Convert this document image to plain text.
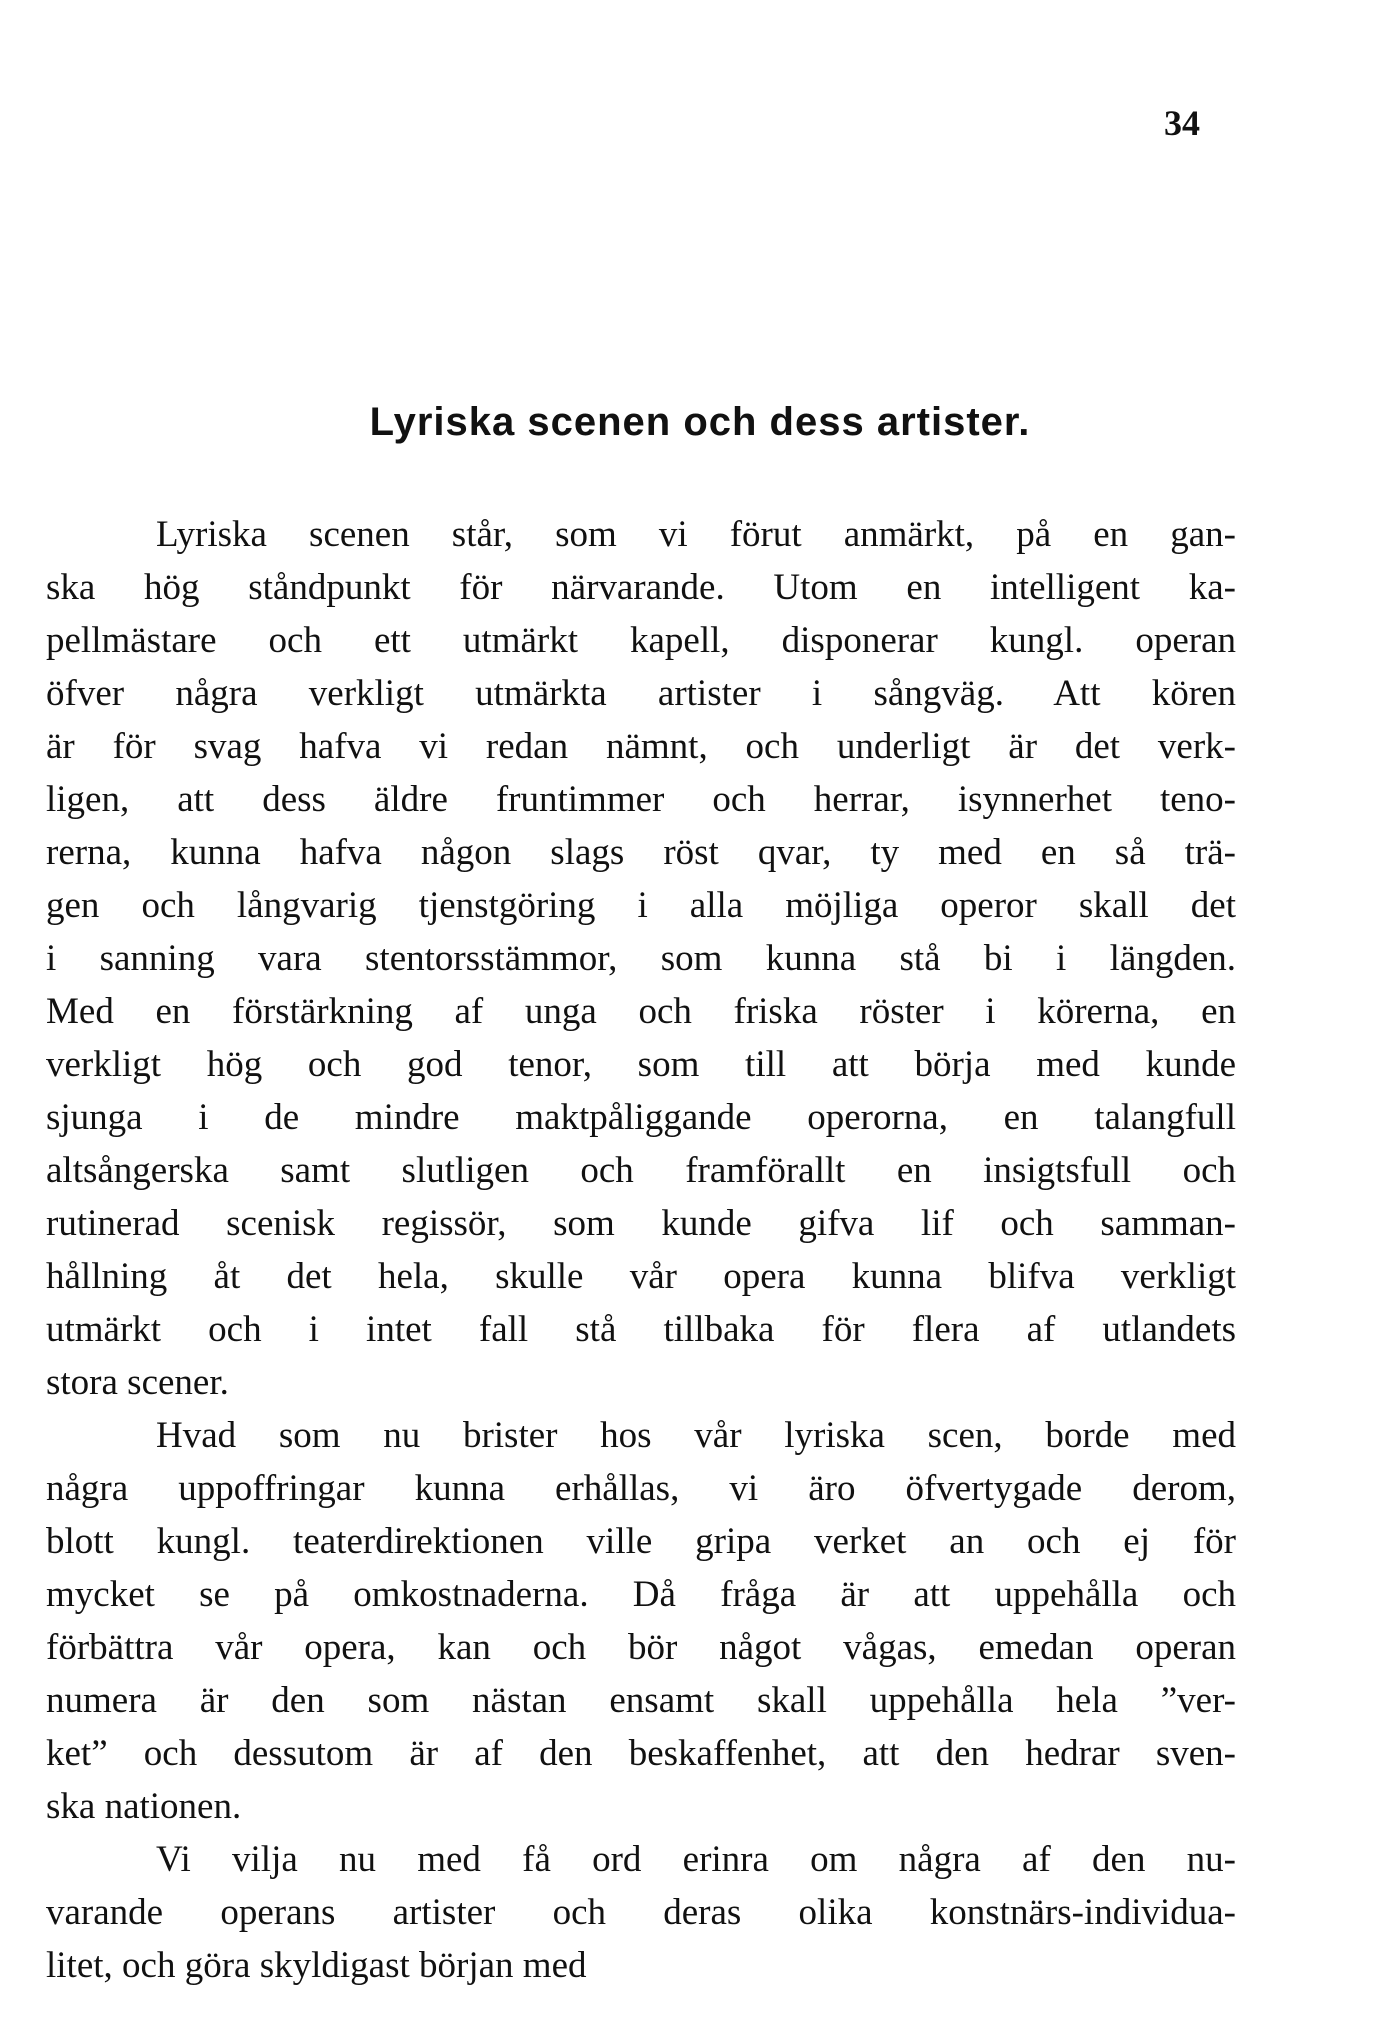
34
Lyriska scenen och dess artister.
Lyriska scenen står, som vi förut anmärkt, på en gan-
ska hög ståndpunkt för närvarande. Utom en intelligent ka-
pellmästare och ett utmärkt kapell, disponerar kungl. operan
öfver några verkligt utmärkta artister i sångväg. Att kören
är för svag hafva vi redan nämnt, och underligt är det verk-
ligen, att dess äldre fruntimmer och herrar, isynnerhet teno-
rerna, kunna hafva någon slags röst qvar, ty med en så trä-
gen och långvarig tjenstgöring i alla möjliga operor skall det
i sanning vara stentorsstämmor, som kunna stå bi i längden.
Med en förstärkning af unga och friska röster i körerna, en
verkligt hög och god tenor, som till att börja med kunde
sjunga i de mindre maktpåliggande operorna, en talangfull
altsångerska samt slutligen och framförallt en insigtsfull och
rutinerad scenisk regissör, som kunde gifva lif och samman-
hållning åt det hela, skulle vår opera kunna blifva verkligt
utmärkt och i intet fall stå tillbaka för flera af utlandets
stora scener.
Hvad som nu brister hos vår lyriska scen, borde med
några uppoffringar kunna erhållas, vi äro öfvertygade derom,
blott kungl. teaterdirektionen ville gripa verket an och ej för
mycket se på omkostnaderna. Då fråga är att uppehålla och
förbättra vår opera, kan och bör något vågas, emedan operan
numera är den som nästan ensamt skall uppehålla hela ”ver-
ket” och dessutom är af den beskaffenhet, att den hedrar sven-
ska nationen.
Vi vilja nu med få ord erinra om några af den nu-
varande operans artister och deras olika konstnärs-individua-
litet, och göra skyldigast början med
